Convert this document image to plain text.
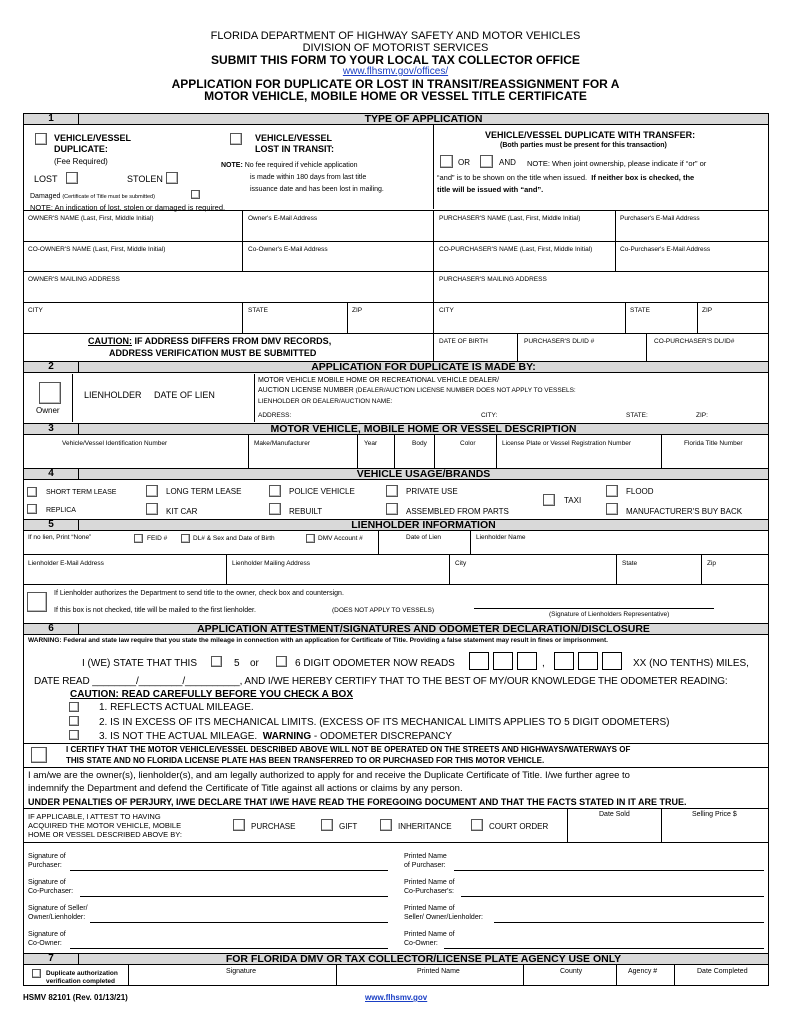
FLORIDA DEPARTMENT OF HIGHWAY SAFETY AND MOTOR VEHICLES
DIVISION OF MOTORIST SERVICES
SUBMIT THIS FORM TO YOUR LOCAL TAX COLLECTOR OFFICE
www.flhsmv.gov/offices/
APPLICATION FOR DUPLICATE OR LOST IN TRANSIT/REASSIGNMENT FOR A
MOTOR VEHICLE, MOBILE HOME OR VESSEL TITLE CERTIFICATE
1	TYPE OF APPLICATION
VEHICLE/VESSEL
DUPLICATE:
(Fee Required)
LOST	STOLEN
Damaged (Certificate of Title must be submitted)
NOTE: An indication of lost, stolen or damaged is required.
VEHICLE/VESSEL
LOST IN TRANSIT:
NOTE: No fee required if vehicle application
is made within 180 days from last title
issuance date and has been lost in mailing.
VEHICLE/VESSEL DUPLICATE WITH TRANSFER:
(Both parties must be present for this transaction)
OR	AND NOTE: When joint ownership, please indicate if “or” or
“and” is to be shown on the title when issued. If neither box is checked, the
title will be issued with “and”.
OWNER'S NAME (Last, First, Middle Initial)	Owner's E-Mail Address	PURCHASER'S NAME (Last, First, Middle Initial)	Purchaser's E-Mail Address
CO-OWNER'S NAME (Last, First, Middle Initial)	Co-Owner's E-Mail Address	CO-PURCHASER'S NAME (Last, First, Middle Initial)	Co-Purchaser's E-Mail Address
OWNER'S MAILING ADDRESS	PURCHASER'S MAILING ADDRESS
CITY	STATE	ZIP	CITY	STATE	ZIP
CAUTION: IF ADDRESS DIFFERS FROM DMV RECORDS,
ADDRESS VERIFICATION MUST BE SUBMITTED
DATE OF BIRTH	PURCHASER'S DL/ID #	CO-PURCHASER'S DL/ID#
2	APPLICATION FOR DUPLICATE IS MADE BY:
Owner
LIENHOLDER DATE OF LIEN
MOTOR VEHICLE MOBILE HOME OR RECREATIONAL VEHICLE DEALER/
AUCTION LICENSE NUMBER (DEALER/AUCTION LICENSE NUMBER DOES NOT APPLY TO VESSELS:
LIENHOLDER OR DEALER/AUCTION NAME:
ADDRESS:	CITY:	STATE:	ZIP:
3	MOTOR VEHICLE, MOBILE HOME OR VESSEL DESCRIPTION
Vehicle/Vessel Identification Number	Make/Manufacturer	Year	Body	Color	License Plate or Vessel Registration Number	Florida Title Number
4	VEHICLE USAGE/BRANDS
SHORT TERM LEASE	LONG TERM LEASE	POLICE VEHICLE	PRIVATE USE	FLOOD
REPLICA	KIT CAR	REBUILT	ASSEMBLED FROM PARTS
TAXI
MANUFACTURER'S BUY BACK
5	LIENHOLDER INFORMATION
If no lien, Print “None”	FEID #	DL# & Sex and Date of Birth	DMV Account #	Date of Lien	Lienholder Name
Lienholder E-Mail Address	Lienholder Mailing Address	City	State	Zip
If Lienholder authorizes the Department to send title to the owner, check box and countersign.
If this box is not checked, title will be mailed to the first lienholder.	(DOES NOT APPLY TO VESSELS)
(Signature of Lienholders Representative)
6	APPLICATION ATTESTMENT/SIGNATURES AND ODOMETER DECLARATION/DISCLOSURE
WARNING: Federal and state law require that you state the mileage in connection with an application for Certificate of Title. Providing a false statement may result in fines or imprisonment.
I (WE) STATE THAT THIS	5 or	6 DIGIT ODOMETER NOW READS	,	XX (NO TENTHS) MILES,
DATE READ ________/________/__________, AND I/WE HEREBY CERTIFY THAT TO THE BEST OF MY/OUR KNOWLEDGE THE ODOMETER READING:
CAUTION: READ CAREFULLY BEFORE YOU CHECK A BOX
1. REFLECTS ACTUAL MILEAGE.
2. IS IN EXCESS OF ITS MECHANICAL LIMITS. (EXCESS OF ITS MECHANICAL LIMITS APPLIES TO 5 DIGIT ODOMETERS)
3. IS NOT THE ACTUAL MILEAGE. WARNING - ODOMETER DISCREPANCY
I CERTIFY THAT THE MOTOR VEHICLE/VESSEL DESCRIBED ABOVE WILL NOT BE OPERATED ON THE STREETS AND HIGHWAYS/WATERWAYS OF
THIS STATE AND NO FLORIDA LICENSE PLATE HAS BEEN TRANSFERRED TO OR PURCHASED FOR THIS MOTOR VEHICLE.
I am/we are the owner(s), lienholder(s), and am legally authorized to apply for and receive the Duplicate Certificate of Title. I/we further agree to
indemnify the Department and defend the Certificate of Title against all actions or claims by any person.
UNDER PENALTIES OF PERJURY, I/WE DECLARE THAT I/WE HAVE READ THE FOREGOING DOCUMENT AND THAT THE FACTS STATED IN IT ARE TRUE.
IF APPLICABLE, I ATTEST TO HAVING
ACQUIRED THE MOTOR VEHICLE, MOBILE
HOME OR VESSEL DESCRIBED ABOVE BY:
PURCHASE	GIFT	INHERITANCE	COURT ORDER
Date Sold	Selling Price $
Signature of
Purchaser:
Printed Name
of Purchaser:
Signature of
Co-Purchaser:
Printed Name of
Co-Purchaser's:
Signature of Seller/
Owner/Lienholder:
Printed Name of
Seller/ Owner/Lienholder:
Signature of
Co-Owner:
Printed Name of
Co-Owner:
7	FOR FLORIDA DMV OR TAX COLLECTOR/LICENSE PLATE AGENCY USE ONLY
Duplicate authorization
verification completed
Signature	Printed Name	County	Agency #	Date Completed
HSMV 82101 (Rev. 01/13/21)	www.flhsmv.gov
